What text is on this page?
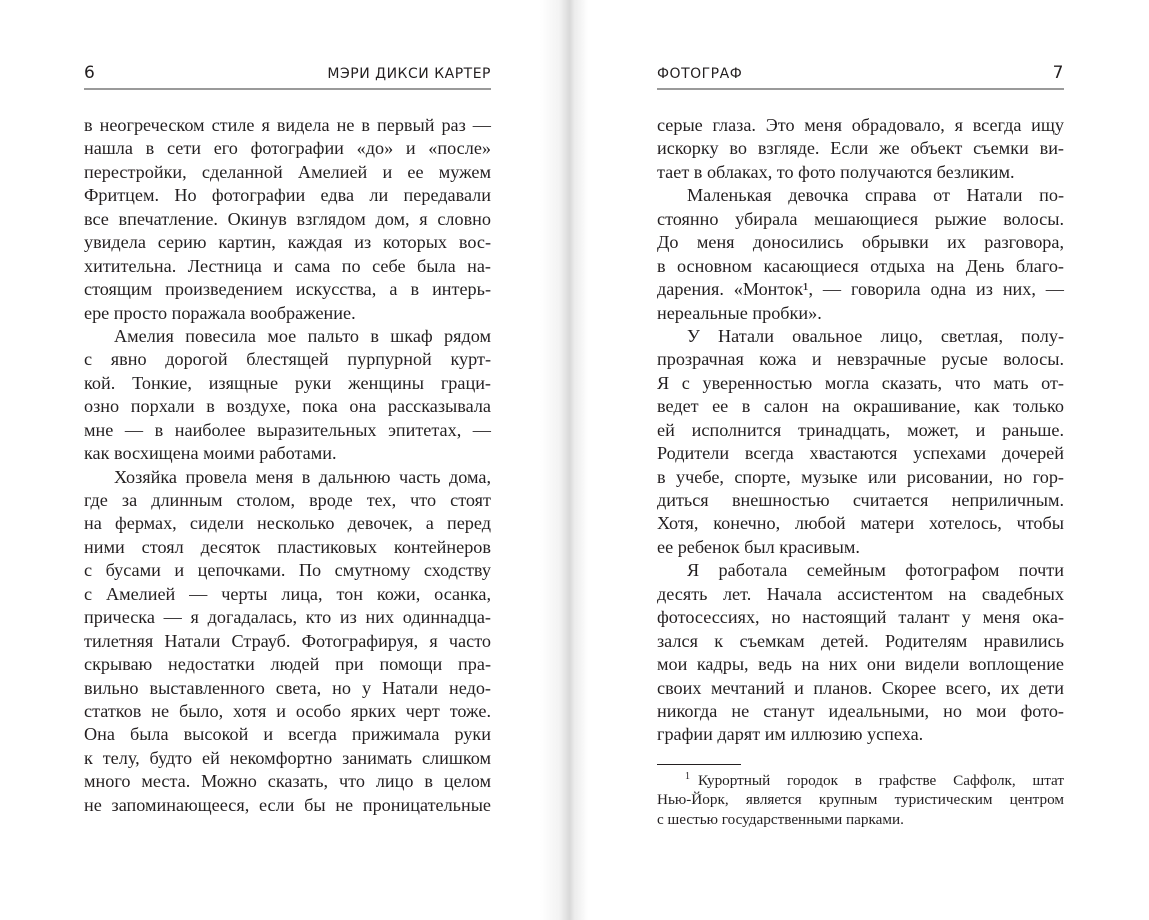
6	МЭРИ ДИКСИ КАРТЕР
в неогреческом стиле я видела не в первый раз —
нашла в сети его фотографии «до» и «после»
перестройки, сделанной Амелией и ее мужем
Фритцем. Но фотографии едва ли передавали
все впечатление. Окинув взглядом дом, я словно
увидела серию картин, каждая из которых вос-
хитительна. Лестница и сама по себе была на-
стоящим произведением искусства, а в интерь-
ере просто поражала воображение.
Амелия повесила мое пальто в шкаф рядом
с явно дорогой блестящей пурпурной курт-
кой. Тонкие, изящные руки женщины граци-
озно порхали в воздухе, пока она рассказывала
мне — в наиболее выразительных эпитетах, —
как восхищена моими работами.
Хозяйка провела меня в дальнюю часть дома,
где за длинным столом, вроде тех, что стоят
на фермах, сидели несколько девочек, а перед
ними стоял десяток пластиковых контейнеров
с бусами и цепочками. По смутному сходству
с Амелией — черты лица, тон кожи, осанка,
прическа — я догадалась, кто из них одиннадца-
тилетняя Натали Страуб. Фотографируя, я часто
скрываю недостатки людей при помощи пра-
вильно выставленного света, но у Натали недо-
статков не было, хотя и особо ярких черт тоже.
Она была высокой и всегда прижимала руки
к телу, будто ей некомфортно занимать слишком
много места. Можно сказать, что лицо в целом
не запоминающееся, если бы не проницательные
ФОТОГРАФ	7
серые глаза. Это меня обрадовало, я всегда ищу
искорку во взгляде. Если же объект съемки ви-
тает в облаках, то фото получаются безликим.
Маленькая девочка справа от Натали по-
стоянно убирала мешающиеся рыжие волосы.
До меня доносились обрывки их разговора,
в основном касающиеся отдыха на День благо-
дарения. «Монток¹, — говорила одна из них, —
нереальные пробки».
У Натали овальное лицо, светлая, полу-
прозрачная кожа и невзрачные русые волосы.
Я с уверенностью могла сказать, что мать от-
ведет ее в салон на окрашивание, как только
ей исполнится тринадцать, может, и раньше.
Родители всегда хвастаются успехами дочерей
в учебе, спорте, музыке или рисовании, но гор-
диться внешностью считается неприличным.
Хотя, конечно, любой матери хотелось, чтобы
ее ребенок был красивым.
Я работала семейным фотографом почти
десять лет. Начала ассистентом на свадебных
фотосессиях, но настоящий талант у меня ока-
зался к съемкам детей. Родителям нравились
мои кадры, ведь на них они видели воплощение
своих мечтаний и планов. Скорее всего, их дети
никогда не станут идеальными, но мои фото-
графии дарят им иллюзию успеха.
$^1$ Курортный городок в графстве Саффолк, штат
Нью-Йорк, является крупным туристическим центром
с шестью государственными парками.
